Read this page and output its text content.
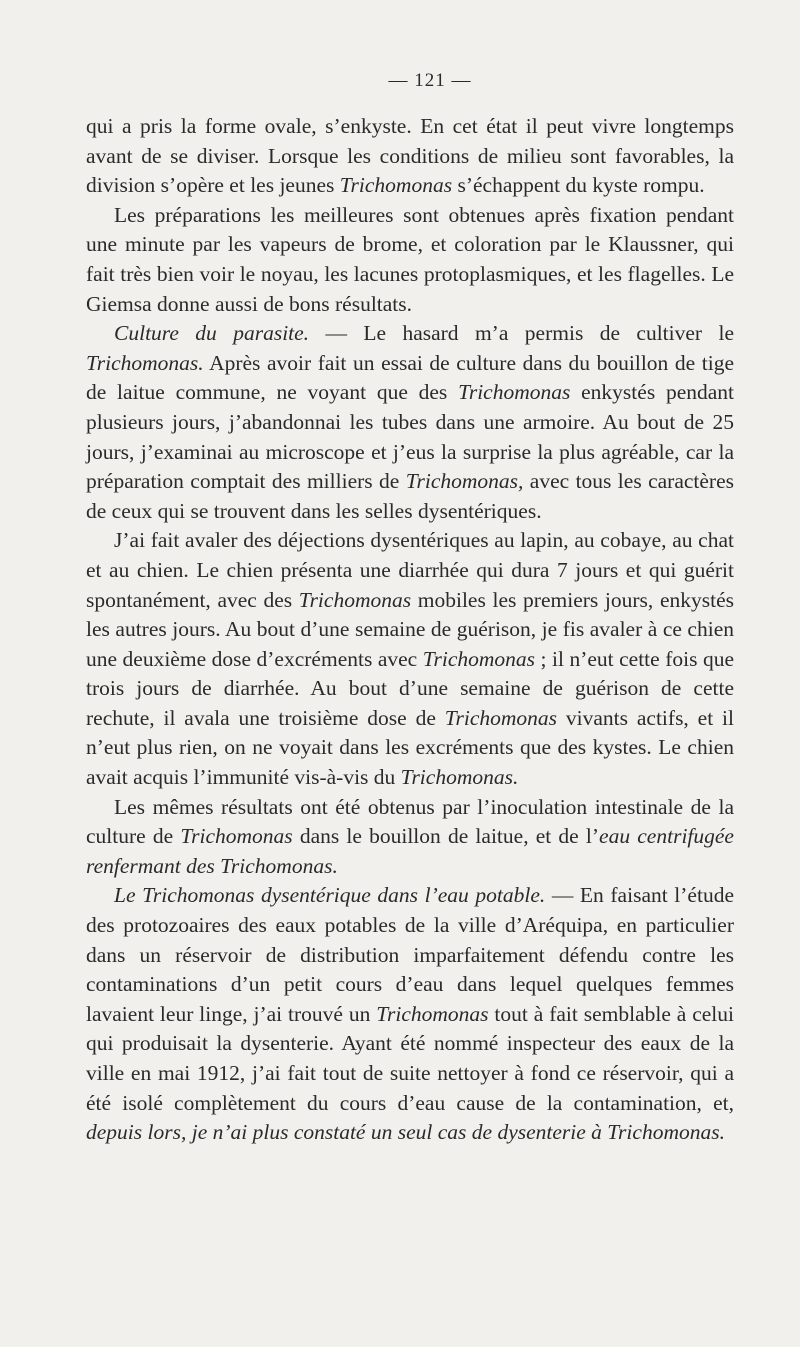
— 121 —

qui a pris la forme ovale, s’enkyste. En cet état il peut vivre longtemps avant de se diviser. Lorsque les conditions de milieu sont favorables, la division s’opère et les jeunes Trichomonas s’échappent du kyste rompu.

Les préparations les meilleures sont obtenues après fixation pendant une minute par les vapeurs de brome, et coloration par le Klaussner, qui fait très bien voir le noyau, les lacunes protoplasmiques, et les flagelles. Le Giemsa donne aussi de bons résultats.

Culture du parasite. — Le hasard m’a permis de cultiver le Trichomonas. Après avoir fait un essai de culture dans du bouillon de tige de laitue commune, ne voyant que des Trichomonas enkystés pendant plusieurs jours, j’abandonnai les tubes dans une armoire. Au bout de 25 jours, j’examinai au microscope et j’eus la surprise la plus agréable, car la préparation comptait des milliers de Trichomonas, avec tous les caractères de ceux qui se trouvent dans les selles dysentériques.

J’ai fait avaler des déjections dysentériques au lapin, au cobaye, au chat et au chien. Le chien présenta une diarrhée qui dura 7 jours et qui guérit spontanément, avec des Trichomonas mobiles les premiers jours, enkystés les autres jours. Au bout d’une semaine de guérison, je fis avaler à ce chien une deuxième dose d’excréments avec Trichomonas ; il n’eut cette fois que trois jours de diarrhée. Au bout d’une semaine de guérison de cette rechute, il avala une troisième dose de Trichomonas vivants actifs, et il n’eut plus rien, on ne voyait dans les excréments que des kystes. Le chien avait acquis l’immunité vis-à-vis du Trichomonas.

Les mêmes résultats ont été obtenus par l’inoculation intestinale de la culture de Trichomonas dans le bouillon de laitue, et de l’eau centrifugée renfermant des Trichomonas.

Le Trichomonas dysentérique dans l’eau potable. — En faisant l’étude des protozoaires des eaux potables de la ville d’Aréquipa, en particulier dans un réservoir de distribution imparfaitement défendu contre les contaminations d’un petit cours d’eau dans lequel quelques femmes lavaient leur linge, j’ai trouvé un Trichomonas tout à fait semblable à celui qui produisait la dysenterie. Ayant été nommé inspecteur des eaux de la ville en mai 1912, j’ai fait tout de suite nettoyer à fond ce réservoir, qui a été isolé complètement du cours d’eau cause de la contamination, et, depuis lors, je n’ai plus constaté un seul cas de dysenterie à Trichomonas.
